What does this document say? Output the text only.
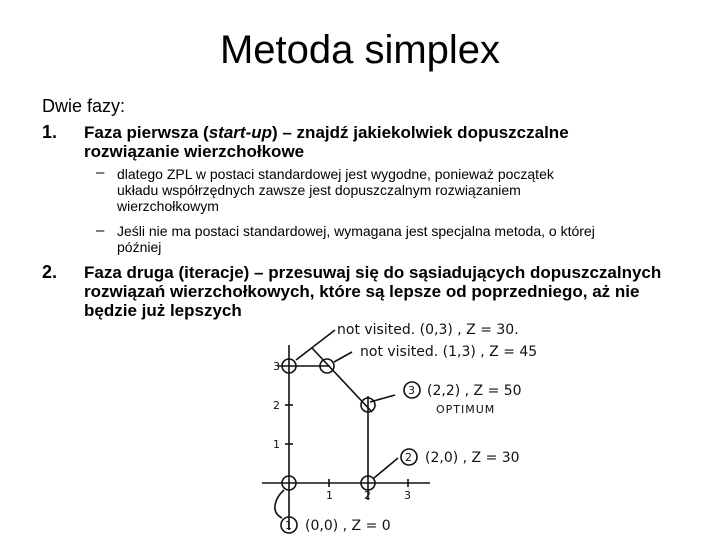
Metoda simplex
Dwie fazy:
1. Faza pierwsza (start-up) – znajdź jakiekolwiek dopuszczalne
rozwiązanie wierzchołkowe
– dlatego ZPL w postaci standardowej jest wygodne, ponieważ początek
układu współrzędnych zawsze jest dopuszczalnym rozwiązaniem
wierzchołkowym
– Jeśli nie ma postaci standardowej, wymagana jest specjalna metoda, o której
później
2. Faza druga (iteracje) – przesuwaj się do sąsiadujących dopuszczalnych
rozwiązań wierzchołkowych, które są lepsze od poprzedniego, aż nie
będzie już lepszych
not visited. (0,3) , Z = 30.
not visited. (1,3) , Z = 45
3 (2,2) , Z = 50
OPTIMUM
2 (2,0) , Z = 30
1 (0,0) , Z = 0
3
2
1
1	2	3
